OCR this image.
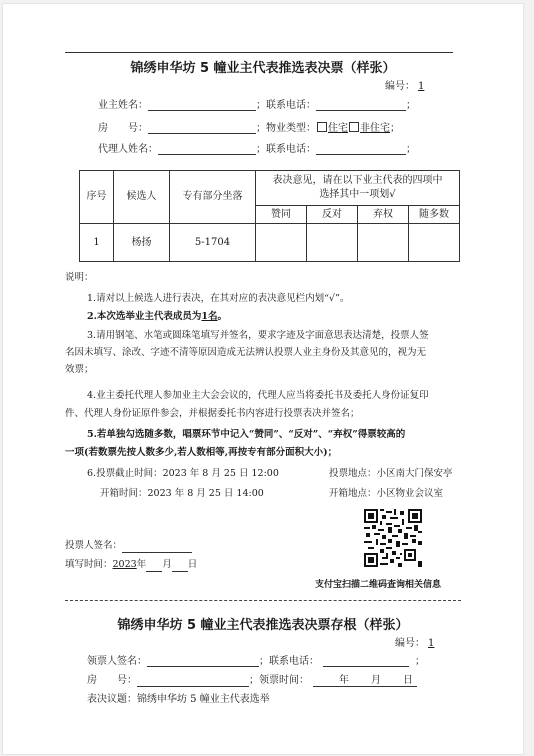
锦绣申华坊 5 幢业主代表推选表决票（样张）
编号： 1
业主姓名：	；联系电话：	；
房　　号：	；物业类型： 住宅 非住宅；
代理人姓名：	；联系电话：	；
序号	候选人	专有部分坐落	表决意见，请在以下业主代表的四项中选择其中一项划√			
			赞同	反对	弃权	随多数
1	杨扬	5-1704				
说明：
1.请对以上候选人进行表决，在其对应的表决意见栏内划“√”。
2.本次选举业主代表成员为1名。
3.请用钢笔、水笔或圆珠笔填写并签名，要求字迹及字面意思表达清楚，投票人签
名因未填写、涂改、字迹不清等原因造成无法辨认投票人业主身份及其意见的，视为无
效票；
4.业主委托代理人参加业主大会会议的，代理人应当将委托书及委托人身份证复印
件、代理人身份证原件参会，并根据委托书内容进行投票表决并签名；
5.若单独勾选随多数，唱票环节中记入“赞同”、“反对”、“弃权”得票较高的
一项(若数票先按人数多少,若人数相等,再按专有部分面积大小)；
6.投票截止时间：2023 年 8 月 25 日 12:00	投票地点：小区南大门保安亭
开箱时间：2023 年 8 月 25 日 14:00	开箱地点：小区物业会议室
投票人签名：
填写时间：2023年 月 日
支付宝扫描二维码查询相关信息
锦绣申华坊 5 幢业主代表推选表决票存根（样张）
编号： 1
领票人签名：	；联系电话：	；
房　　号：	；领票时间：	年 月 日
表决议题：锦绣申华坊 5 幢业主代表选举
